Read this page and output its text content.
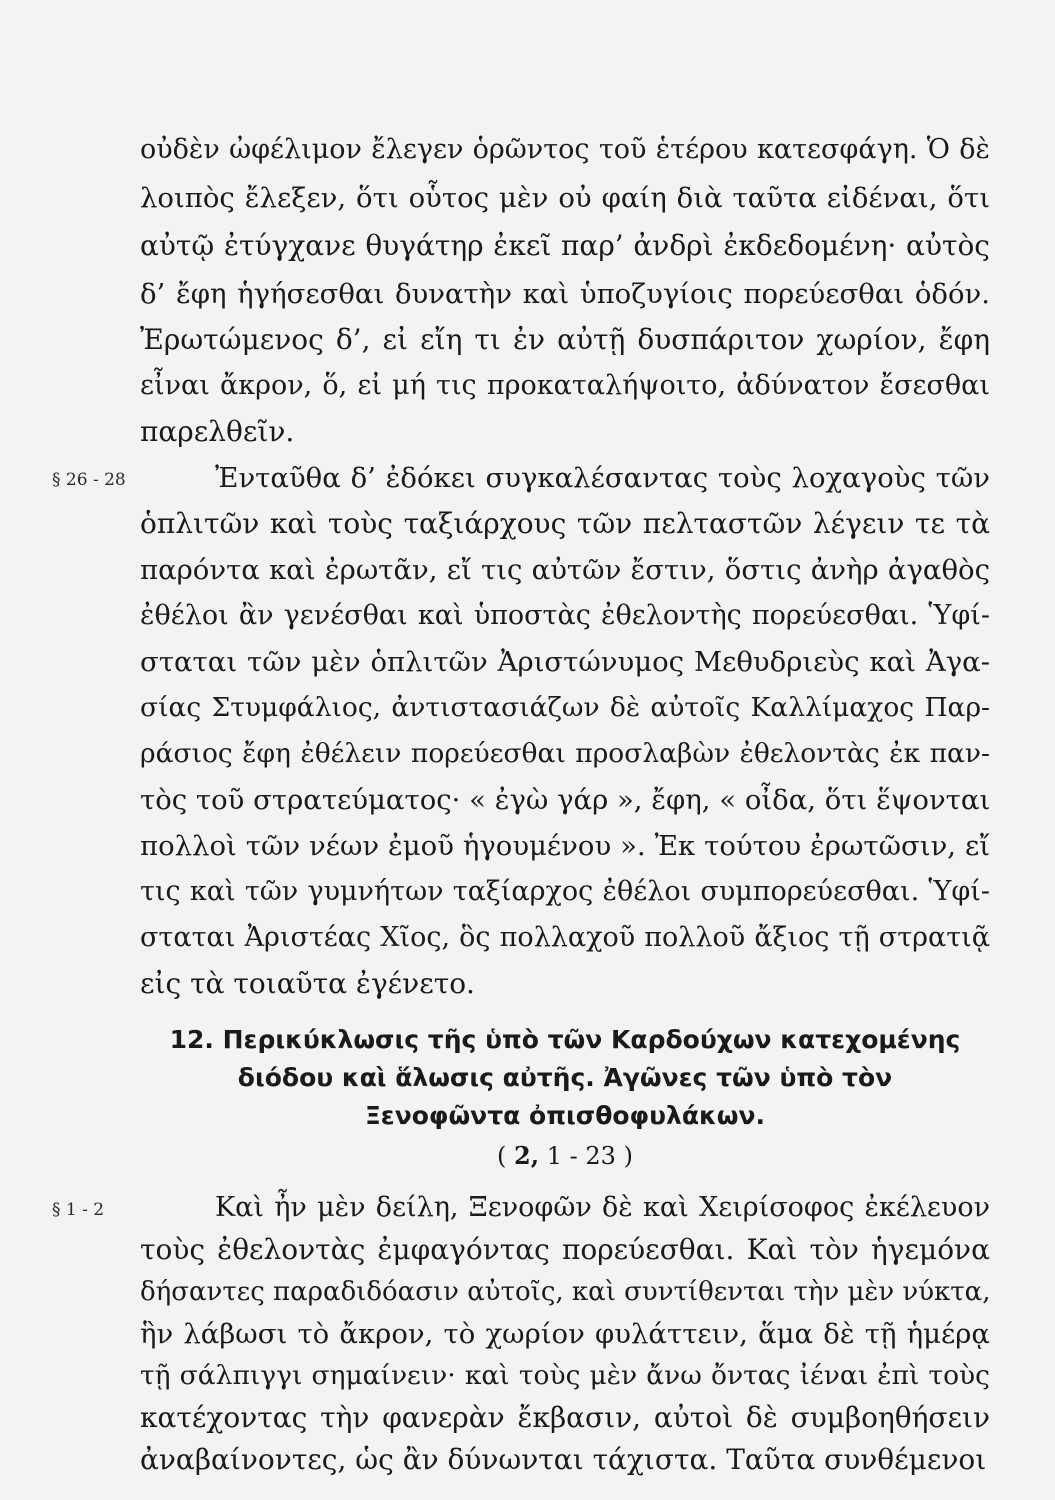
οὐδὲν ὠφέλιμον ἔλεγεν ὁρῶντος τοῦ ἑτέρου κατεσφάγη. Ὁ δὲ
λοιπὸς ἔλεξεν, ὅτι οὗτος μὲν οὐ φαίη διὰ ταῦτα εἰδέναι, ὅτι
αὐτῷ ἐτύγχανε θυγάτηρ ἐκεῖ παρ’ ἀνδρὶ ἐκδεδομένη· αὐτὸς
δ’ ἔφη ἡγήσεσθαι δυνατὴν καὶ ὑποζυγίοις πορεύεσθαι ὁδόν.
Ἐρωτώμενος δ’, εἰ εἴη τι ἐν αὐτῇ δυσπάριτον χωρίον, ἔφη
εἶναι ἄκρον, ὅ, εἰ μή τις προκαταλήψοιτο, ἀδύνατον ἔσεσθαι
παρελθεῖν.
§ 26 - 28	Ἐνταῦθα δ’ ἐδόκει συγκαλέσαντας τοὺς λοχαγοὺς τῶν
ὁπλιτῶν καὶ τοὺς ταξιάρχους τῶν πελταστῶν λέγειν τε τὰ
παρόντα καὶ ἐρωτᾶν, εἴ τις αὐτῶν ἔστιν, ὅστις ἀνὴρ ἀγαθὸς
ἐθέλοι ἂν γενέσθαι καὶ ὑποστὰς ἐθελοντὴς πορεύεσθαι. Ὑφί-
σταται τῶν μὲν ὁπλιτῶν Ἀριστώνυμος Μεθυδριεὺς καὶ Ἀγα-
σίας Στυμφάλιος, ἀντιστασιάζων δὲ αὐτοῖς Καλλίμαχος Παρ-
ράσιος ἔφη ἐθέλειν πορεύεσθαι προσλαβὼν ἐθελοντὰς ἐκ παν-
τὸς τοῦ στρατεύματος· « ἐγὼ γάρ », ἔφη, « οἶδα, ὅτι ἕψονται
πολλοὶ τῶν νέων ἐμοῦ ἡγουμένου ». Ἐκ τούτου ἐρωτῶσιν, εἴ
τις καὶ τῶν γυμνήτων ταξίαρχος ἐθέλοι συμπορεύεσθαι. Ὑφί-
σταται Ἀριστέας Χῖος, ὃς πολλαχοῦ πολλοῦ ἄξιος τῇ στρατιᾷ
εἰς τὰ τοιαῦτα ἐγένετο.
12. Περικύκλωσις τῆς ὑπὸ τῶν Καρδούχων κατεχομένης
διόδου καὶ ἅλωσις αὐτῆς. Ἀγῶνες τῶν ὑπὸ τὸν
Ξενοφῶντα ὀπισθοφυλάκων.
( 2, 1 - 23 )
§ 1 - 2	Καὶ ἦν μὲν δείλη, Ξενοφῶν δὲ καὶ Χειρίσοφος ἐκέλευον
τοὺς ἐθελοντὰς ἐμφαγόντας πορεύεσθαι. Καὶ τὸν ἡγεμόνα
δήσαντες παραδιδόασιν αὐτοῖς, καὶ συντίθενται τὴν μὲν νύκτα,
ἣν λάβωσι τὸ ἄκρον, τὸ χωρίον φυλάττειν, ἅμα δὲ τῇ ἡμέρᾳ
τῇ σάλπιγγι σημαίνειν· καὶ τοὺς μὲν ἄνω ὄντας ἰέναι ἐπὶ τοὺς
κατέχοντας τὴν φανερὰν ἔκβασιν, αὐτοὶ δὲ συμβοηθήσειν
ἀναβαίνοντες, ὡς ἂν δύνωνται τάχιστα. Ταῦτα συνθέμενοι
